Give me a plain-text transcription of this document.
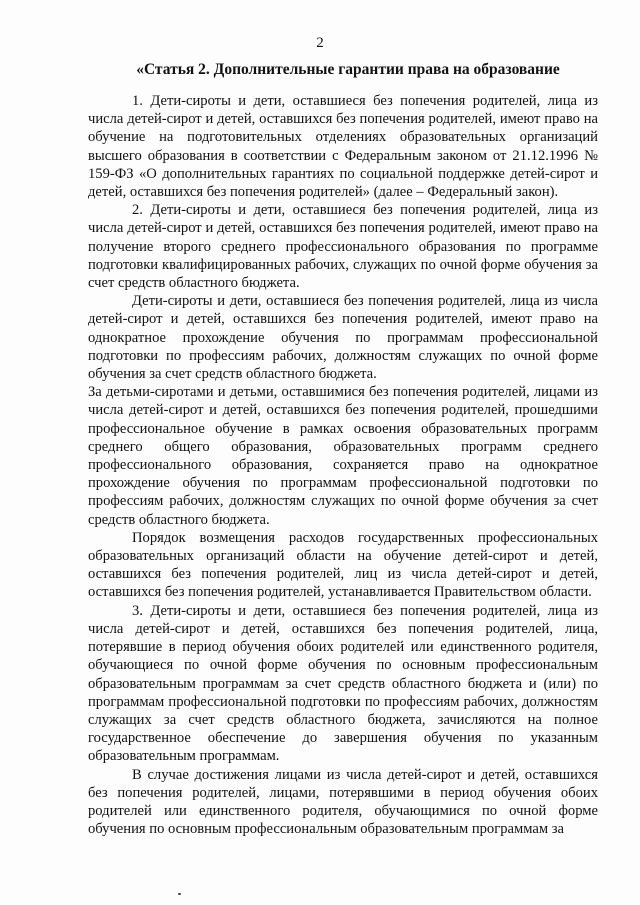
2
«Статья 2. Дополнительные гарантии права на образование

1. Дети-сироты и дети, оставшиеся без попечения родителей, лица из числа детей-сирот и детей, оставшихся без попечения родителей, имеют право на обучение на подготовительных отделениях образовательных организаций высшего образования в соответствии с Федеральным законом от 21.12.1996 № 159-ФЗ «О дополнительных гарантиях по социальной поддержке детей-сирот и детей, оставшихся без попечения родителей» (далее – Федеральный закон).

2. Дети-сироты и дети, оставшиеся без попечения родителей, лица из числа детей-сирот и детей, оставшихся без попечения родителей, имеют право на получение второго среднего профессионального образования по программе подготовки квалифицированных рабочих, служащих по очной форме обучения за счет средств областного бюджета.

Дети-сироты и дети, оставшиеся без попечения родителей, лица из числа детей-сирот и детей, оставшихся без попечения родителей, имеют право на однократное прохождение обучения по программам профессиональной подготовки по профессиям рабочих, должностям служащих по очной форме обучения за счет средств областного бюджета.

За детьми-сиротами и детьми, оставшимися без попечения родителей, лицами из числа детей-сирот и детей, оставшихся без попечения родителей, прошедшими профессиональное обучение в рамках освоения образовательных программ среднего общего образования, образовательных программ среднего профессионального образования, сохраняется право на однократное прохождение обучения по программам профессиональной подготовки по профессиям рабочих, должностям служащих по очной форме обучения за счет средств областного бюджета.

Порядок возмещения расходов государственных профессиональных образовательных организаций области на обучение детей-сирот и детей, оставшихся без попечения родителей, лиц из числа детей-сирот и детей, оставшихся без попечения родителей, устанавливается Правительством области.

3. Дети-сироты и дети, оставшиеся без попечения родителей, лица из числа детей-сирот и детей, оставшихся без попечения родителей, лица, потерявшие в период обучения обоих родителей или единственного родителя, обучающиеся по очной форме обучения по основным профессиональным образовательным программам за счет средств областного бюджета и (или) по программам профессиональной подготовки по профессиям рабочих, должностям служащих за счет средств областного бюджета, зачисляются на полное государственное обеспечение до завершения обучения по указанным образовательным программам.

В случае достижения лицами из числа детей-сирот и детей, оставшихся без попечения родителей, лицами, потерявшими в период обучения обоих родителей или единственного родителя, обучающимися по очной форме обучения по основным профессиональным образовательным программам за
